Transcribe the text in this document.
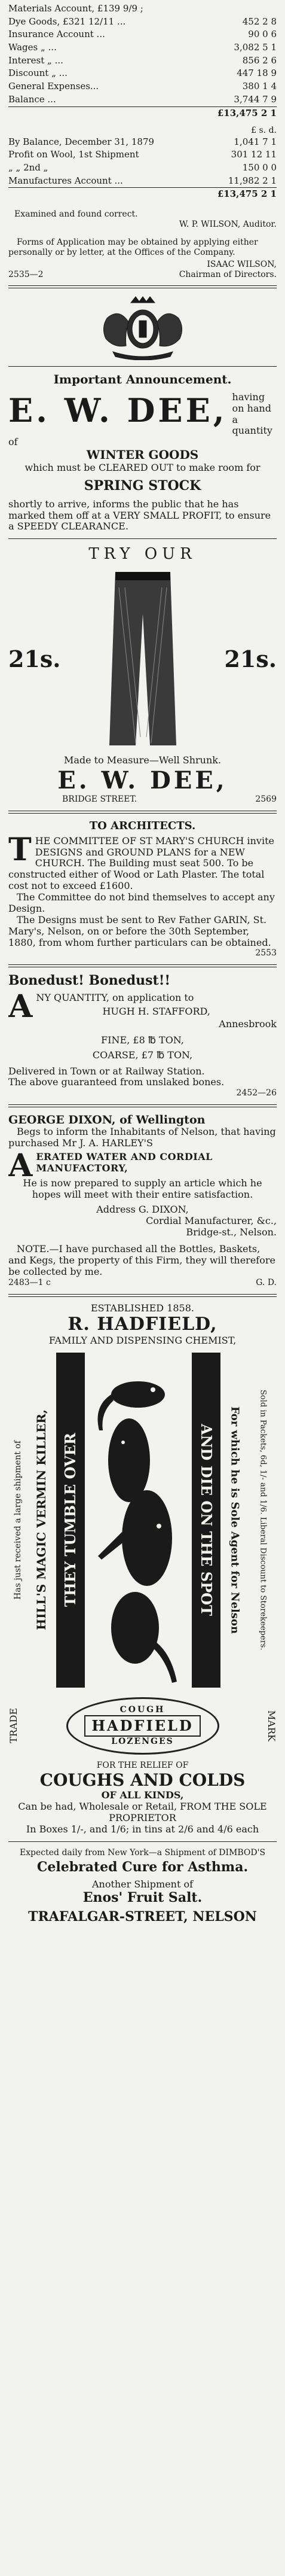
Materials Account, £139 9/9 ;	
Dye Goods, £321 12/11 ...	452 2 8
Insurance Account ...	90 0 6
Wages „ ...	3,082 5 1
Interest „ ...	856 2 6
Discount „ ...	447 18 9
General Expenses...	380 1 4
Balance ...	3,744 7 9
	£13,475 2 1
£ s. d.
By Balance, December 31, 1879	1,041 7 1
Profit on Wool, 1st Shipment	301 12 11
„ „ 2nd „	150 0 0
Manufactures Account ...	11,982 2 1
	£13,475 2 1
Examined and found correct.
W. P. WILSON, Auditor.
Forms of Application may be obtained by applying either personally or by letter, at the Offices of the Company.
ISAAC WILSON,
2535—2	Chairman of Directors.
Important Announcement.
E. W. DEE, having on hand a quantity of
WINTER GOODS
which must be CLEARED OUT to make room for
SPRING STOCK
shortly to arrive, informs the public that he has marked them off at a VERY SMALL PROFIT, to ensure a SPEEDY CLEARANCE.
TRY OUR
21s.	21s.
Made to Measure—Well Shrunk.
E. W. DEE,
BRIDGE STREET.	2569
TO ARCHITECTS.
T HE COMMITTEE OF ST MARY'S CHURCH invite DESIGNS and GROUND PLANS for a NEW CHURCH. The Building must seat 500. To be constructed either of Wood or Lath Plaster. The total cost not to exceed £1600.
The Committee do not bind themselves to accept any Design.
The Designs must be sent to Rev Father GARIN, St. Mary's, Nelson, on or before the 30th September, 1880, from whom further particulars can be obtained.
2553
Bonedust! Bonedust!!
A NY QUANTITY, on application to
HUGH H. STAFFORD,
Annesbrook
FINE, £8 ℔ TON,
COARSE, £7 ℔ TON,
Delivered in Town or at Railway Station.
The above guaranteed from unslaked bones.
2452—26
GEORGE DIXON, of Wellington
Begs to inform the Inhabitants of Nelson, that having purchased Mr J. A. HARLEY'S
A ERATED WATER AND CORDIAL MANUFACTORY,
He is now prepared to supply an article which he hopes will meet with their entire satisfaction.
Address G. DIXON,
Cordial Manufacturer, &c.,
Bridge-st., Nelson.
NOTE.—I have purchased all the Bottles, Baskets, and Kegs, the property of this Firm, they will therefore be collected by me.
2483—1 c	G. D.
ESTABLISHED 1858.
R. HADFIELD,
FAMILY AND DISPENSING CHEMIST,
Has just received a large shipment of HILL'S MAGIC VERMIN KILLER, THEY TUMBLE OVER	AND DIE ON THE SPOT For which he is Sole Agent for Nelson Sold in Packets, 6d, 1/- and 1/6. Liberal Discount to Storekeepers.
TRADE	COUGH
HADFIELD
LOZENGES
MARK
FOR THE RELIEF OF
COUGHS AND COLDS
OF ALL KINDS,
Can be had, Wholesale or Retail, FROM THE SOLE PROPRIETOR
In Boxes 1/-, and 1/6; in tins at 2/6 and 4/6 each
Expected daily from New York—a Shipment of DIMBOD'S
Celebrated Cure for Asthma.
Another Shipment of
Enos' Fruit Salt.
TRAFALGAR-STREET, NELSON
